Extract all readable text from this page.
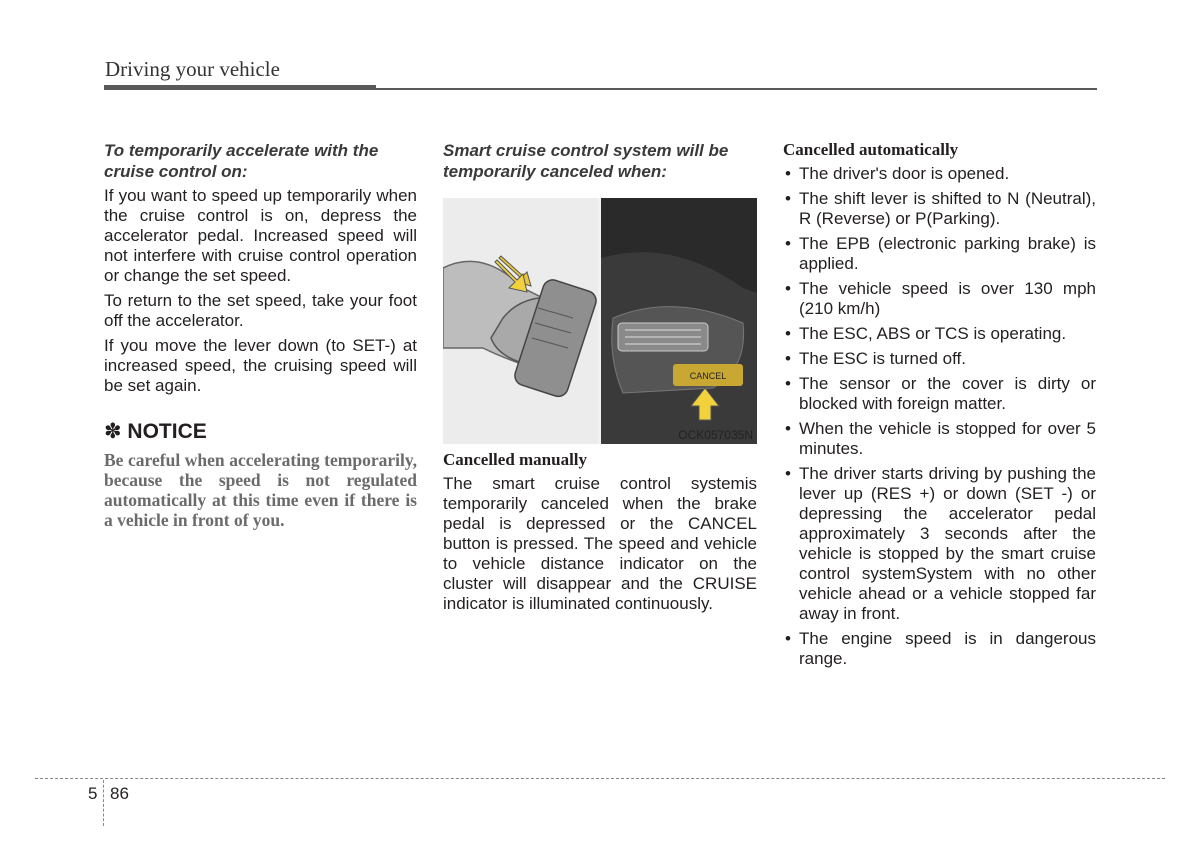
Driving your vehicle

To temporarily accelerate with the cruise control on:

If you want to speed up temporarily when the cruise control is on, depress the accelerator pedal. Increased speed will not interfere with cruise control operation or change the set speed.

To return to the set speed, take your foot off the accelerator.

If you move the lever down (to SET-) at increased speed, the cruising speed will be set again.

✽ NOTICE

Be careful when accelerating temporarily, because the speed is not regulated automatically at this time even if there is a vehicle in front of you.

Smart cruise control system will be temporarily canceled when:

CANCEL
OCK057035N

Cancelled manually

The smart cruise control systemis temporarily canceled when the brake pedal is depressed or the CANCEL button is pressed. The speed and vehicle to vehicle distance indicator on the cluster will disappear and the CRUISE indicator is illuminated continuously.

Cancelled automatically

• The driver's door is opened.
• The shift lever is shifted to N (Neutral), R (Reverse) or P(Parking).
• The EPB (electronic parking brake) is applied.
• The vehicle speed is over 130 mph (210 km/h)
• The ESC, ABS or TCS is operating.
• The ESC is turned off.
• The sensor or the cover is dirty or blocked with foreign matter.
• When the vehicle is stopped for over 5 minutes.
• The driver starts driving by pushing the lever up (RES +) or down (SET -) or depressing the accelerator pedal approximately 3 seconds after the vehicle is stopped by the smart cruise control systemSystem with no other vehicle ahead or a vehicle stopped far away in front.
• The engine speed is in dangerous range.
5 86
